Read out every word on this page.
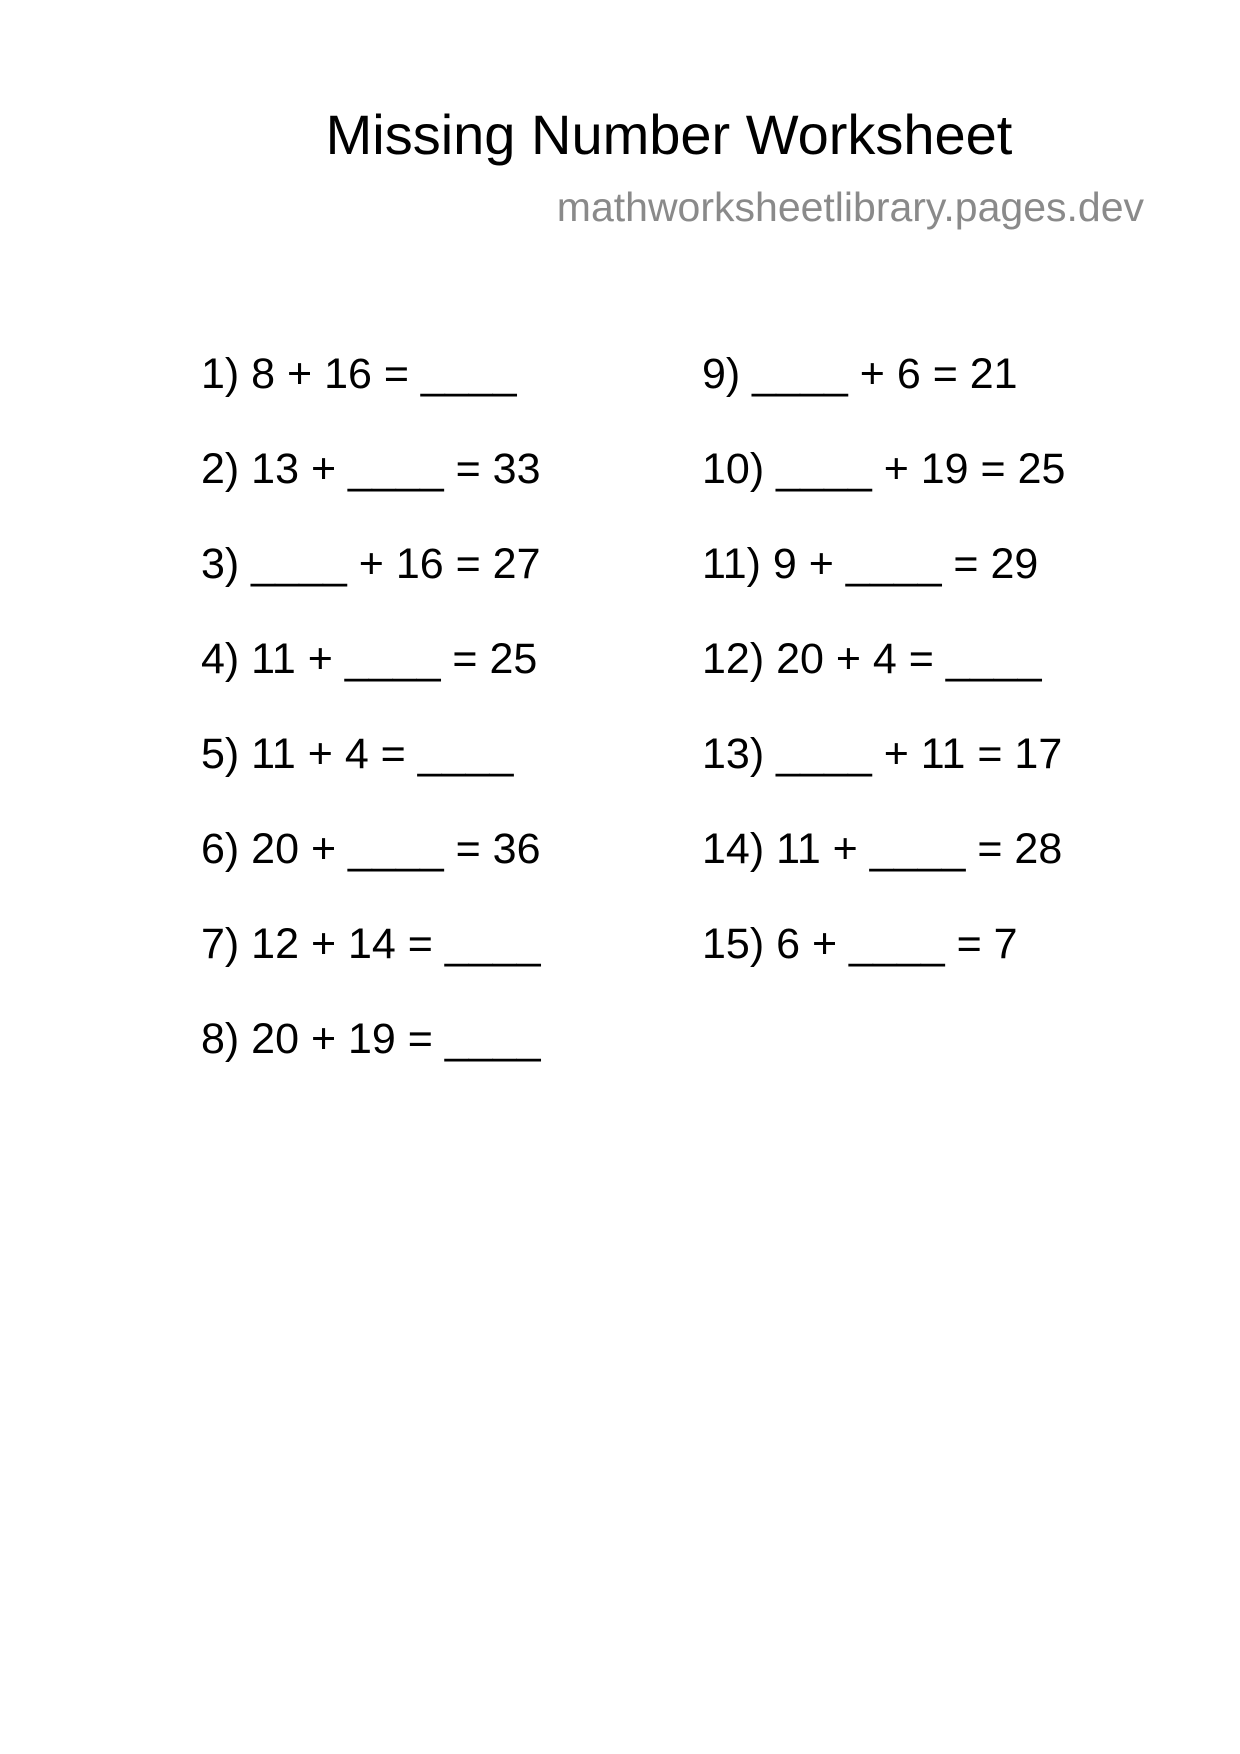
Missing Number Worksheet
mathworksheetlibrary.pages.dev
1) 8 + 16 = ____
2) 13 + ____ = 33
3) ____ + 16 = 27
4) 11 + ____ = 25
5) 11 + 4 = ____
6) 20 + ____ = 36
7) 12 + 14 = ____
8) 20 + 19 = ____
9) ____ + 6 = 21
10) ____ + 19 = 25
11) 9 + ____ = 29
12) 20 + 4 = ____
13) ____ + 11 = 17
14) 11 + ____ = 28
15) 6 + ____ = 7
